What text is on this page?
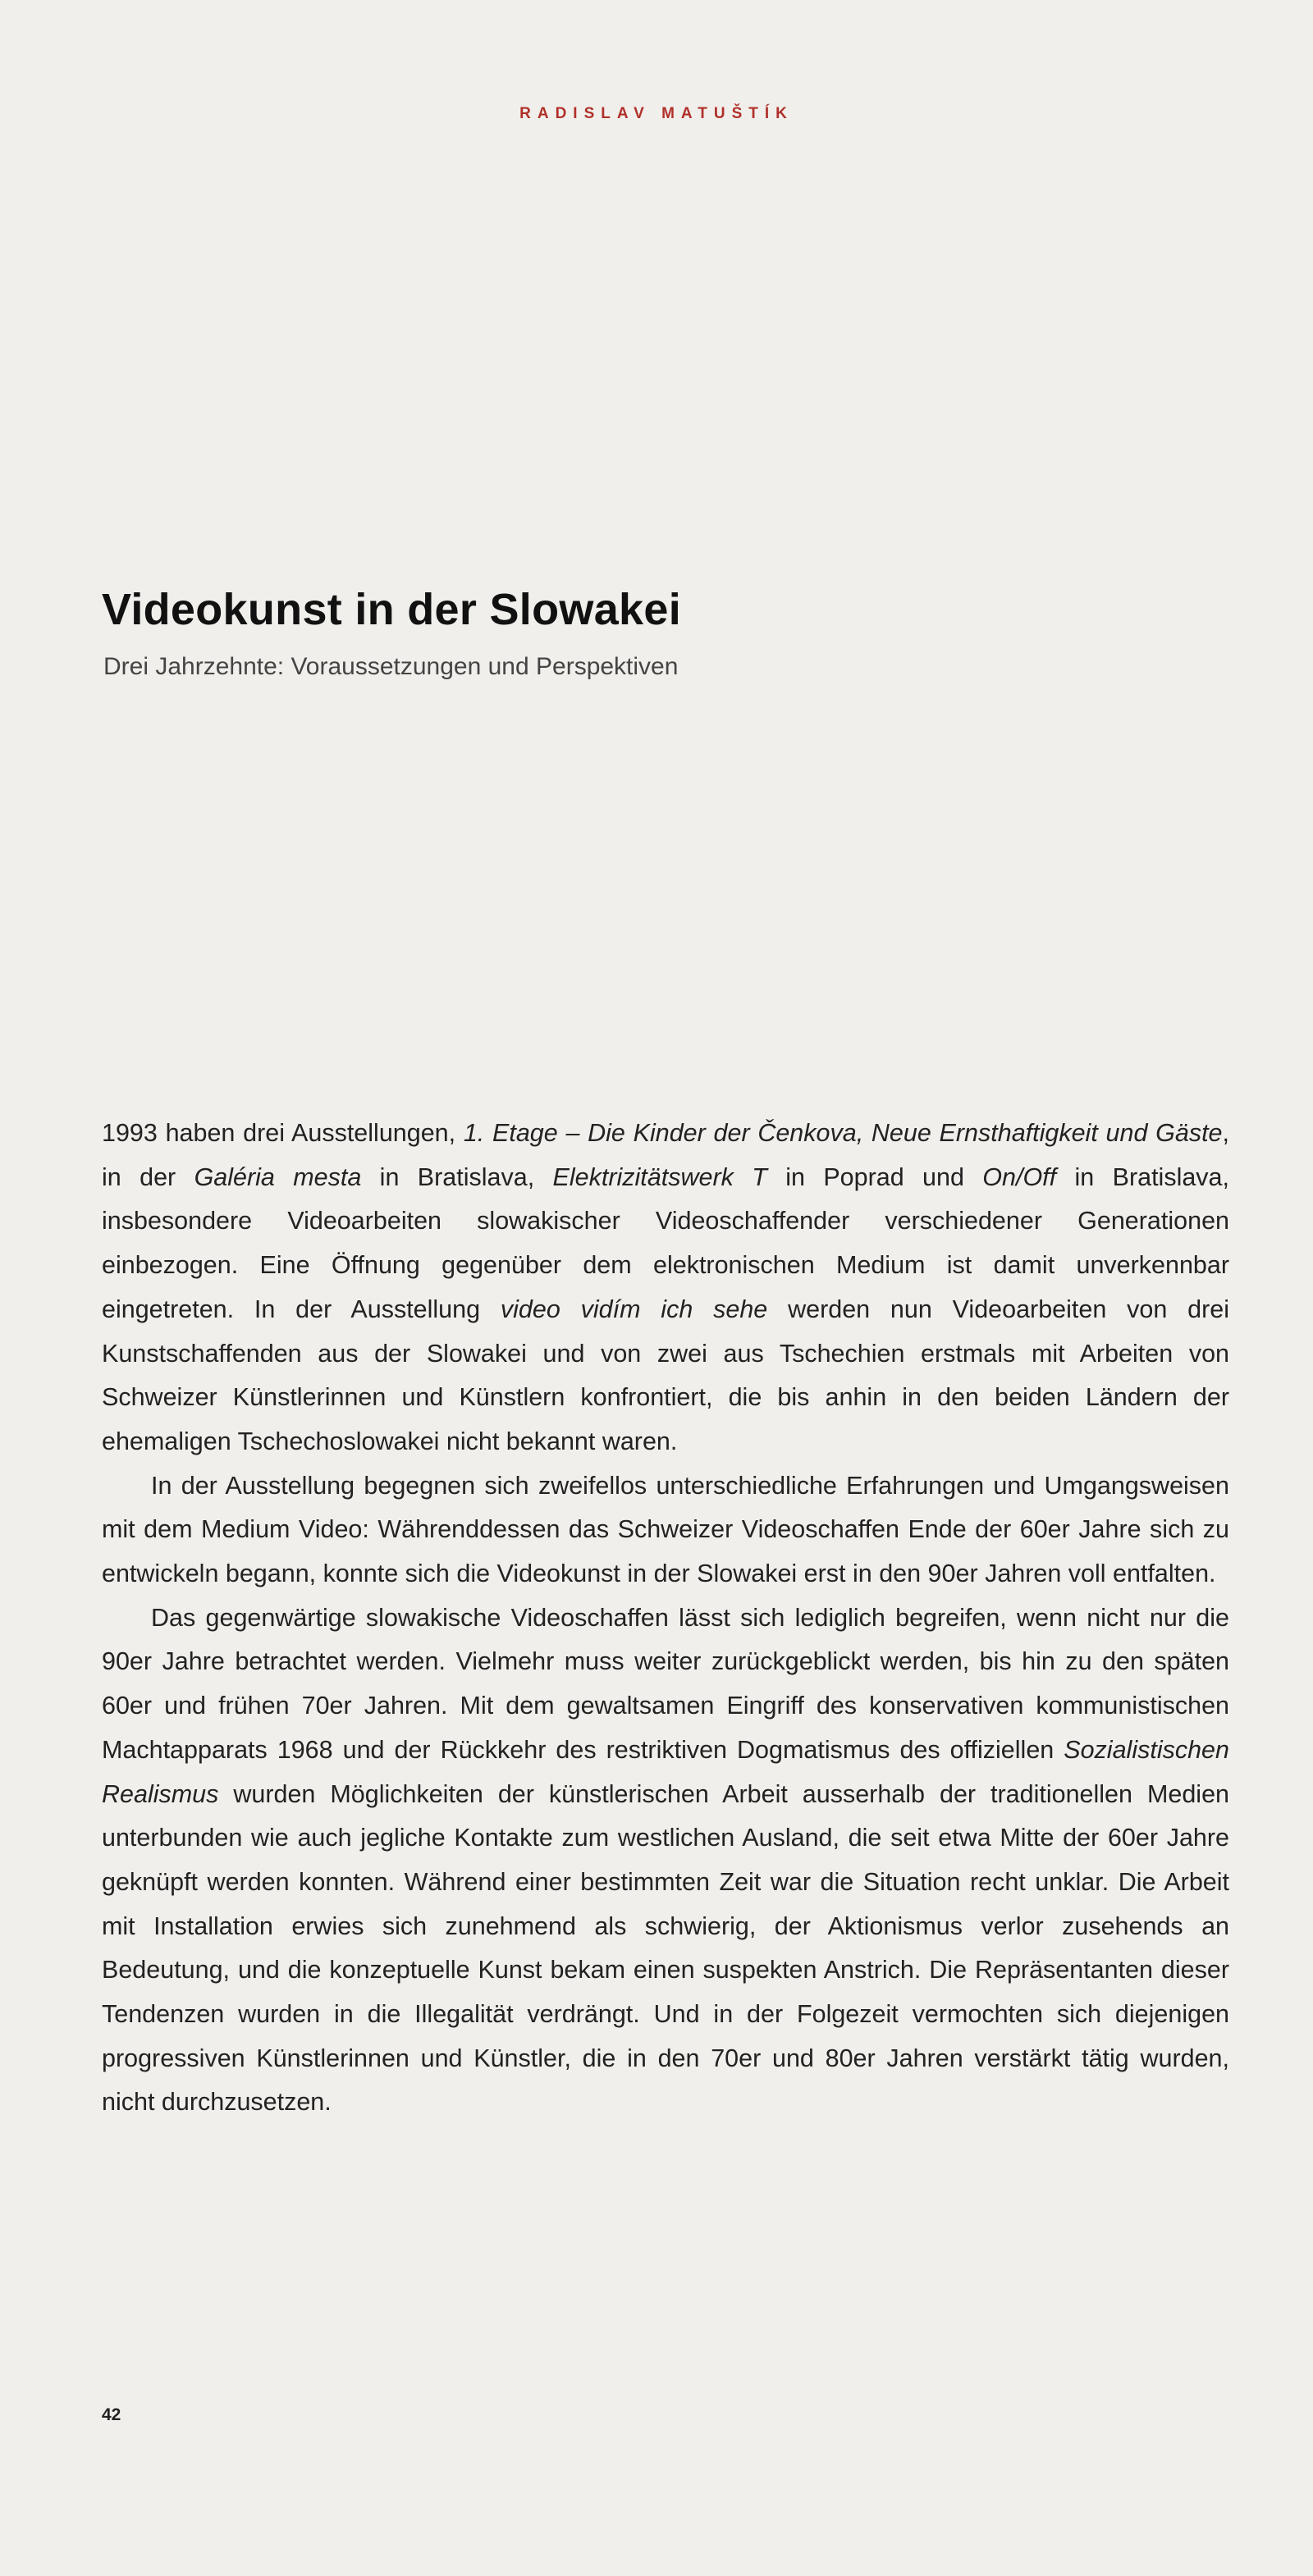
RADISLAV MATUŠTÍK
Videokunst in der Slowakei

Drei Jahrzehnte: Voraussetzungen und Perspektiven

1993 haben drei Ausstellungen, 1. Etage – Die Kinder der Čenkova, Neue Ernsthaftigkeit und Gäste, in der Galéria mesta in Bratislava, Elektrizitätswerk T in Poprad und On/Off in Bratislava, insbesondere Videoarbeiten slowakischer Videoschaffender verschiedener Generationen einbezogen. Eine Öffnung gegenüber dem elektronischen Medium ist damit unverkennbar eingetreten. In der Ausstellung video vidím ich sehe werden nun Videoarbeiten von drei Kunstschaffenden aus der Slowakei und von zwei aus Tschechien erstmals mit Arbeiten von Schweizer Künstlerinnen und Künstlern konfrontiert, die bis anhin in den beiden Ländern der ehemaligen Tschechoslowakei nicht bekannt waren.

In der Ausstellung begegnen sich zweifellos unterschiedliche Erfahrungen und Umgangsweisen mit dem Medium Video: Währenddessen das Schweizer Videoschaffen Ende der 60er Jahre sich zu entwickeln begann, konnte sich die Videokunst in der Slowakei erst in den 90er Jahren voll entfalten.

Das gegenwärtige slowakische Videoschaffen lässt sich lediglich begreifen, wenn nicht nur die 90er Jahre betrachtet werden. Vielmehr muss weiter zurückgeblickt werden, bis hin zu den späten 60er und frühen 70er Jahren. Mit dem gewaltsamen Eingriff des konservativen kommunistischen Machtapparats 1968 und der Rückkehr des restriktiven Dogmatismus des offiziellen Sozialistischen Realismus wurden Möglichkeiten der künstlerischen Arbeit ausserhalb der traditionellen Medien unterbunden wie auch jegliche Kontakte zum westlichen Ausland, die seit etwa Mitte der 60er Jahre geknüpft werden konnten. Während einer bestimmten Zeit war die Situation recht unklar. Die Arbeit mit Installation erwies sich zunehmend als schwierig, der Aktionismus verlor zusehends an Bedeutung, und die konzeptuelle Kunst bekam einen suspekten Anstrich. Die Repräsentanten dieser Tendenzen wurden in die Illegalität verdrängt. Und in der Folgezeit vermochten sich diejenigen progressiven Künstlerinnen und Künstler, die in den 70er und 80er Jahren verstärkt tätig wurden, nicht durchzusetzen.

42
